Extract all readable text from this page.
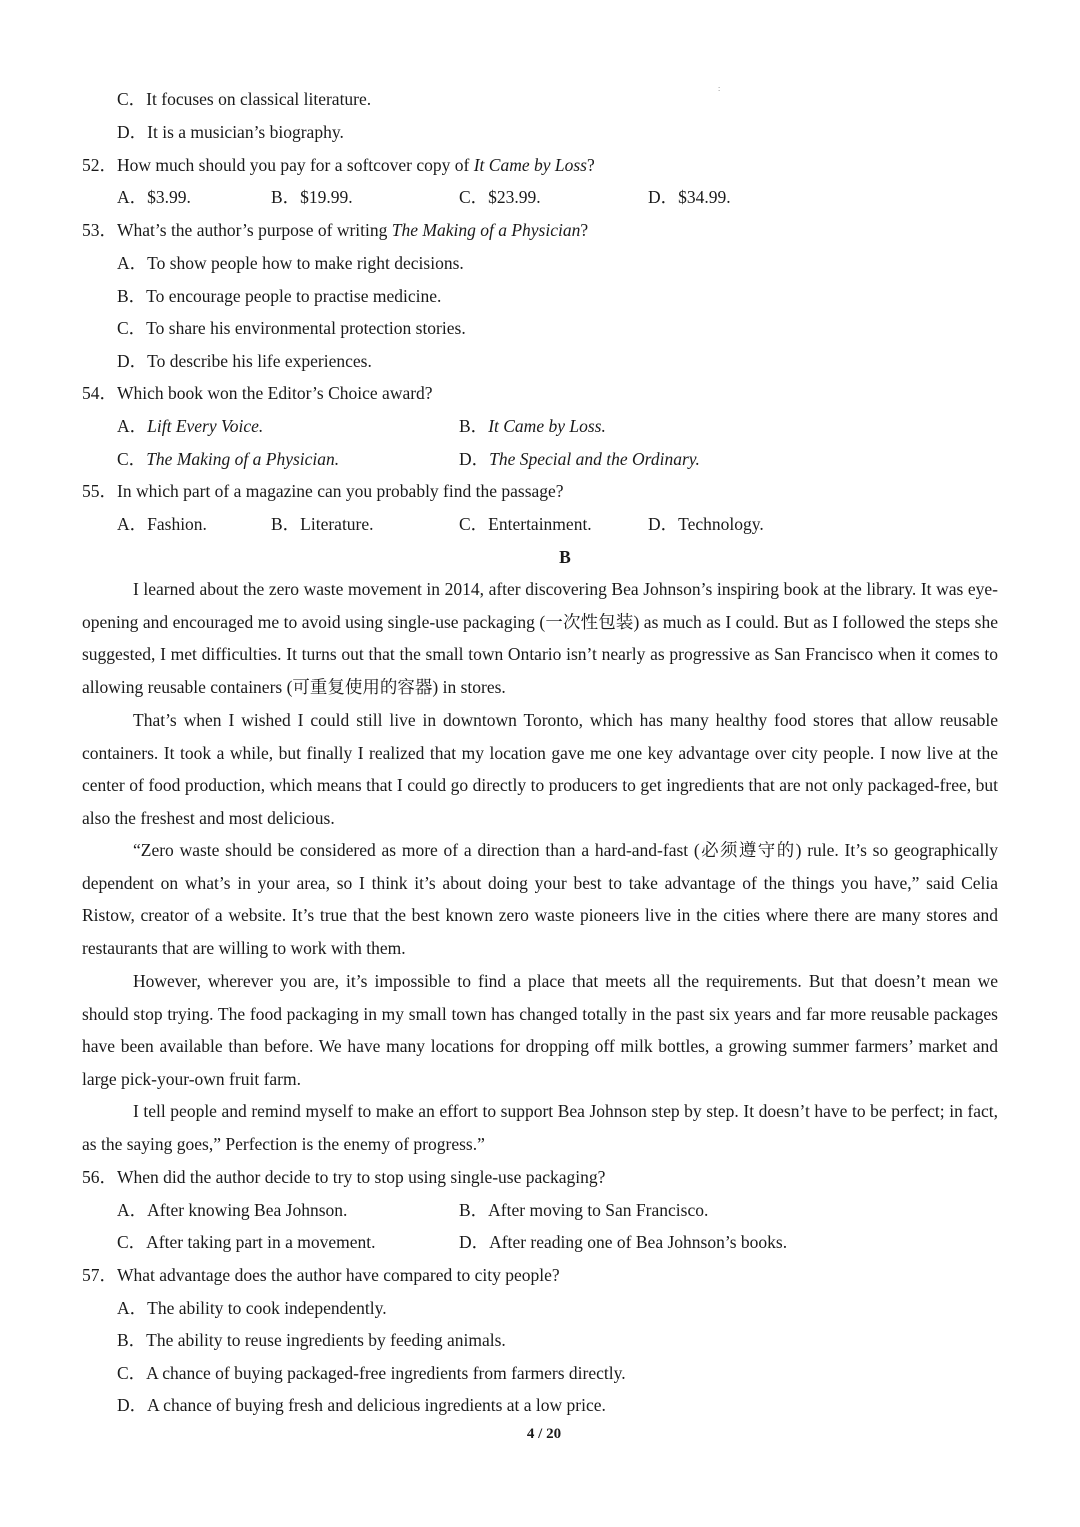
:
C．It focuses on classical literature.
D．It is a musician’s biography.
52．How much should you pay for a softcover copy of It Came by Loss?
A．$3.99.	B．$19.99.	C．$23.99.	D．$34.99.
53．What’s the author’s purpose of writing The Making of a Physician?
A．To show people how to make right decisions.
B．To encourage people to practise medicine.
C．To share his environmental protection stories.
D．To describe his life experiences.
54．Which book won the Editor’s Choice award?
A．Lift Every Voice.	B．It Came by Loss.
C．The Making of a Physician.	D．The Special and the Ordinary.
55．In which part of a magazine can you probably find the passage?
A．Fashion.	B．Literature.	C．Entertainment.	D．Technology.
B
I learned about the zero waste movement in 2014, after discovering Bea Johnson’s inspiring book at the library. It was eye-opening and encouraged me to avoid using single-use packaging (一次性包装) as much as I could. But as I followed the steps she suggested, I met difficulties. It turns out that the small town Ontario isn’t nearly as progressive as San Francisco when it comes to allowing reusable containers (可重复使用的容器) in stores.
That’s when I wished I could still live in downtown Toronto, which has many healthy food stores that allow reusable containers. It took a while, but finally I realized that my location gave me one key advantage over city people. I now live at the center of food production, which means that I could go directly to producers to get ingredients that are not only packaged-free, but also the freshest and most delicious.
“Zero waste should be considered as more of a direction than a hard-and-fast (必须遵守的) rule. It’s so geographically dependent on what’s in your area, so I think it’s about doing your best to take advantage of the things you have,” said Celia Ristow, creator of a website. It’s true that the best known zero waste pioneers live in the cities where there are many stores and restaurants that are willing to work with them.
However, wherever you are, it’s impossible to find a place that meets all the requirements. But that doesn’t mean we should stop trying. The food packaging in my small town has changed totally in the past six years and far more reusable packages have been available than before. We have many locations for dropping off milk bottles, a growing summer farmers’ market and large pick-your-own fruit farm.
I tell people and remind myself to make an effort to support Bea Johnson step by step. It doesn’t have to be perfect; in fact, as the saying goes,” Perfection is the enemy of progress.”
56．When did the author decide to try to stop using single-use packaging?
A．After knowing Bea Johnson.	B．After moving to San Francisco.
C．After taking part in a movement.	D．After reading one of Bea Johnson’s books.
57．What advantage does the author have compared to city people?
A．The ability to cook independently.
B．The ability to reuse ingredients by feeding animals.
C．A chance of buying packaged-free ingredients from farmers directly.
D．A chance of buying fresh and delicious ingredients at a low price.
4 / 20
